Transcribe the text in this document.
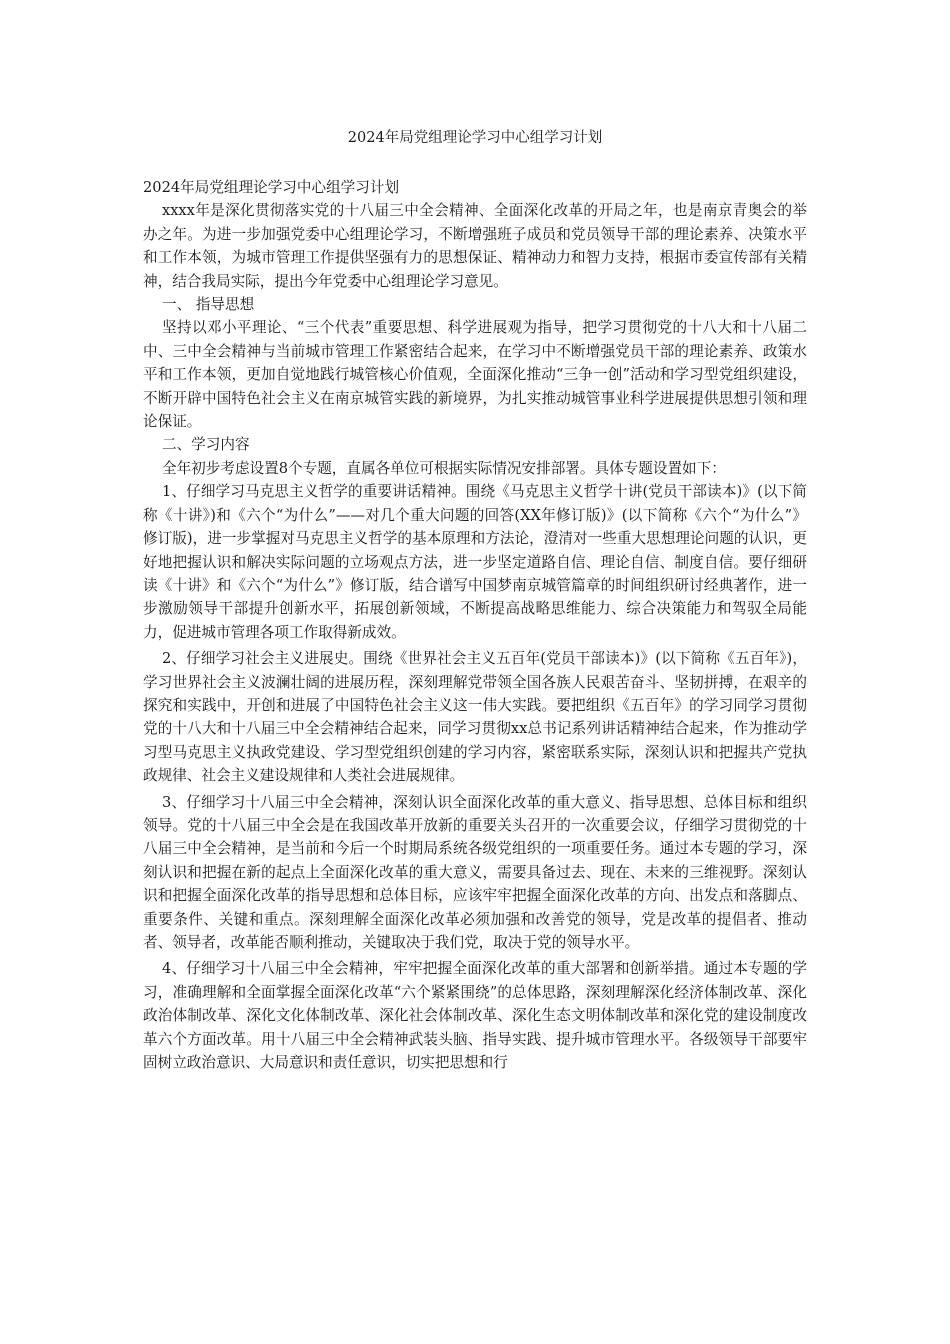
2024年局党组理论学习中心组学习计划

2024年局党组理论学习中心组学习计划

xxxx年是深化贯彻落实党的十八届三中全会精神、全面深化改革的开局之年，也是南京青奥会的举办之年。为进一步加强党委中心组理论学习，不断增强班子成员和党员领导干部的理论素养、决策水平和工作本领，为城市管理工作提供坚强有力的思想保证、精神动力和智力支持，根据市委宣传部有关精神，结合我局实际，提出今年党委中心组理论学习意见。

一、 指导思想

坚持以邓小平理论、“三个代表”重要思想、科学进展观为指导，把学习贯彻党的十八大和十八届二中、三中全会精神与当前城市管理工作紧密结合起来，在学习中不断增强党员干部的理论素养、政策水平和工作本领，更加自觉地践行城管核心价值观，全面深化推动“三争一创”活动和学习型党组织建设，不断开辟中国特色社会主义在南京城管实践的新境界，为扎实推动城管事业科学进展提供思想引领和理论保证。

二、学习内容

全年初步考虑设置8个专题，直属各单位可根据实际情况安排部署。具体专题设置如下：

1、仔细学习马克思主义哲学的重要讲话精神。围绕《马克思主义哲学十讲(党员干部读本)》(以下简称《十讲》)和《六个“为什么”——对几个重大问题的回答(XX年修订版)》(以下简称《六个“为什么”》修订版)，进一步掌握对马克思主义哲学的基本原理和方法论，澄清对一些重大思想理论问题的认识，更好地把握认识和解决实际问题的立场观点方法，进一步坚定道路自信、理论自信、制度自信。要仔细研读《十讲》和《六个“为什么”》修订版，结合谱写中国梦南京城管篇章的时间组织研讨经典著作，进一步激励领导干部提升创新水平，拓展创新领域，不断提高战略思维能力、综合决策能力和驾驭全局能力，促进城市管理各项工作取得新成效。

2、仔细学习社会主义进展史。围绕《世界社会主义五百年(党员干部读本)》(以下简称《五百年》)，学习世界社会主义波澜壮阔的进展历程，深刻理解党带领全国各族人民艰苦奋斗、坚韧拼搏，在艰辛的探究和实践中，开创和进展了中国特色社会主义这一伟大实践。要把组织《五百年》的学习同学习贯彻党的十八大和十八届三中全会精神结合起来，同学习贯彻xx总书记系列讲话精神结合起来，作为推动学习型马克思主义执政党建设、学习型党组织创建的学习内容，紧密联系实际，深刻认识和把握共产党执政规律、社会主义建设规律和人类社会进展规律。

3、仔细学习十八届三中全会精神，深刻认识全面深化改革的重大意义、指导思想、总体目标和组织领导。党的十八届三中全会是在我国改革开放新的重要关头召开的一次重要会议，仔细学习贯彻党的十八届三中全会精神，是当前和今后一个时期局系统各级党组织的一项重要任务。通过本专题的学习，深刻认识和把握在新的起点上全面深化改革的重大意义，需要具备过去、现在、未来的三维视野。深刻认识和把握全面深化改革的指导思想和总体目标，应该牢牢把握全面深化改革的方向、出发点和落脚点、重要条件、关键和重点。深刻理解全面深化改革必须加强和改善党的领导，党是改革的提倡者、推动者、领导者，改革能否顺利推动，关键取决于我们党，取决于党的领导水平。

4、仔细学习十八届三中全会精神，牢牢把握全面深化改革的重大部署和创新举措。通过本专题的学习，准确理解和全面掌握全面深化改革“六个紧紧围绕”的总体思路，深刻理解深化经济体制改革、深化政治体制改革、深化文化体制改革、深化社会体制改革、深化生态文明体制改革和深化党的建设制度改革六个方面改革。用十八届三中全会精神武装头脑、指导实践、提升城市管理水平。各级领导干部要牢固树立政治意识、大局意识和责任意识，切实把思想和行
